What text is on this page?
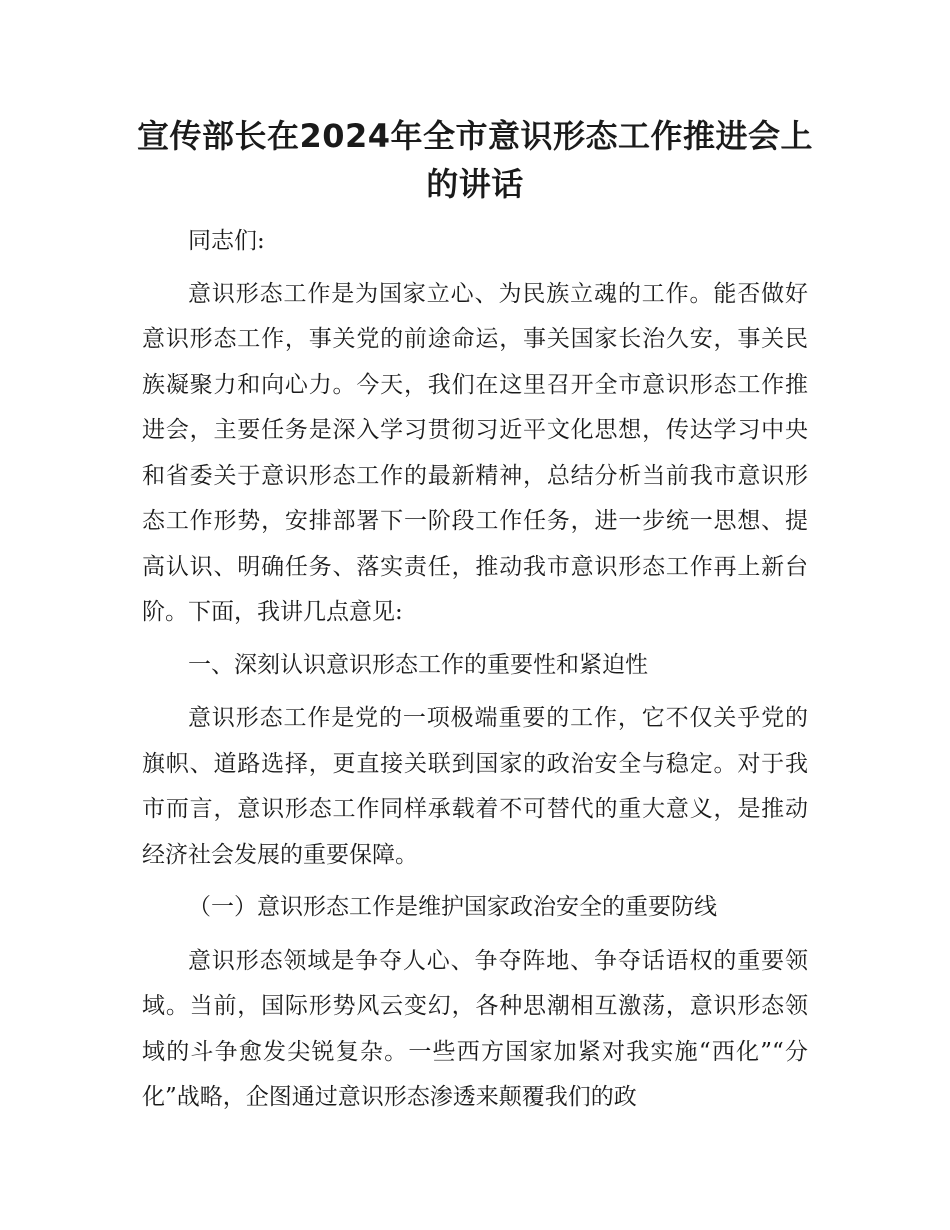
宣传部长在2024年全市意识形态工作推进会上的讲话

同志们:

意识形态工作是为国家立心、为民族立魂的工作。能否做好意识形态工作，事关党的前途命运，事关国家长治久安，事关民族凝聚力和向心力。今天，我们在这里召开全市意识形态工作推进会，主要任务是深入学习贯彻习近平文化思想，传达学习中央和省委关于意识形态工作的最新精神，总结分析当前我市意识形态工作形势，安排部署下一阶段工作任务，进一步统一思想、提高认识、明确任务、落实责任，推动我市意识形态工作再上新台阶。下面，我讲几点意见:

一、深刻认识意识形态工作的重要性和紧迫性

意识形态工作是党的一项极端重要的工作，它不仅关乎党的旗帜、道路选择，更直接关联到国家的政治安全与稳定。对于我市而言，意识形态工作同样承载着不可替代的重大意义，是推动经济社会发展的重要保障。

（一）意识形态工作是维护国家政治安全的重要防线

意识形态领域是争夺人心、争夺阵地、争夺话语权的重要领域。当前，国际形势风云变幻，各种思潮相互激荡，意识形态领域的斗争愈发尖锐复杂。一些西方国家加紧对我实施“西化”“分化”战略，企图通过意识形态渗透来颠覆我们的政
